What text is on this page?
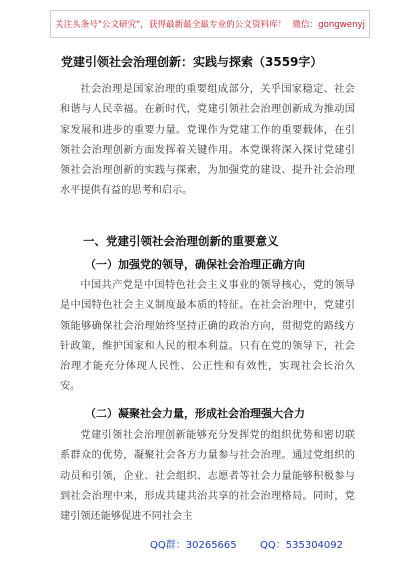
关注头条号"公文研究"，获得最新最全最专业的公文资料库！ 微信：gongwenyj
党建引领社会治理创新：实践与探索（3559字）

社会治理是国家治理的重要组成部分，关乎国家稳定、社会和谐与人民幸福。在新时代，党建引领社会治理创新成为推动国家发展和进步的重要力量。党课作为党建工作的重要载体，在引领社会治理创新方面发挥着关键作用。本党课将深入探讨党建引领社会治理创新的实践与探索，为加强党的建设、提升社会治理水平提供有益的思考和启示。

一、党建引领社会治理创新的重要意义
（一）加强党的领导，确保社会治理正确方向

中国共产党是中国特色社会主义事业的领导核心，党的领导是中国特色社会主义制度最本质的特征。在社会治理中，党建引领能够确保社会治理始终坚持正确的政治方向，贯彻党的路线方针政策，维护国家和人民的根本利益。只有在党的领导下，社会治理才能充分体现人民性、公正性和有效性，实现社会长治久安。

（二）凝聚社会力量，形成社会治理强大合力

党建引领社会治理创新能够充分发挥党的组织优势和密切联系群众的优势，凝聚社会各方力量参与社会治理。通过党组织的动员和引领，企业、社会组织、志愿者等社会力量能够积极参与到社会治理中来，形成共建共治共享的社会治理格局。同时，党建引领还能够促进不同社会主

QQ群：30265665 QQ：535304092
